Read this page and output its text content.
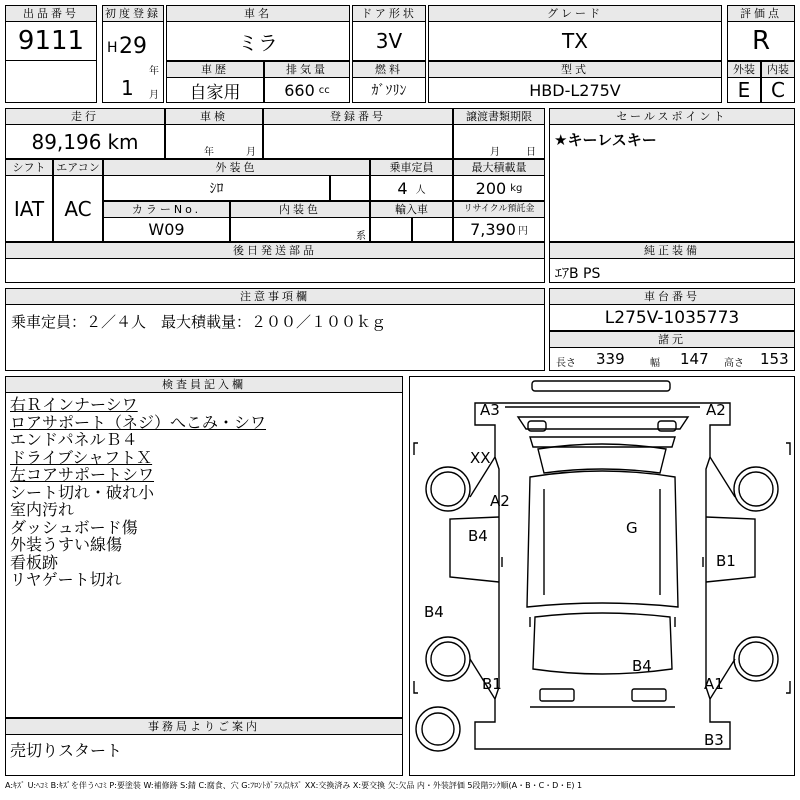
出品番号
9111
初度登録
H 29
年
1 月
車名
ミラ
ドア形状
3V
グレード
TX
評価点
R
車歴
自家用
排気量
660 cc
燃料
ｶﾞｿﾘﾝ
型式
HBD-L275V
外装
E
内装
C
走行
89,196 km
車検
年	月
登録番号	譲渡書類期限
月	日
セールスポイント
★キーレスキー
シフト
IAT
エアコン
AC
外装色
ｼﾛ
乗車定員
4 人
最大積載量
200 kg
カラーNo.
W09
内装色
系
輸入車	リサイクル預託金
7,390 円
後日発送部品	純正装備
ｴｱB PS
注意事項欄
乗車定員：２／４人　最大積載量：２００／１００ｋｇ
車台番号
L275V-1035773
諸元
長さ 339	幅 147 高さ 153
検査員記入欄
右Ｒインナーシワ
ロアサポート（ネジ）へこみ・シワ
エンドパネルＢ４
ドライブシャフトＸ
左コアサポートシワ
シート切れ・破れ小
室内汚れ
ダッシュボード傷
外装うすい線傷
看板跡
リヤゲート切れ
事務局よりご案内
売切りスタート
A3	A2
XX
A2
G
B4
B1
B4
B4
B1	A1
B3
A:ｷｽﾞ U:ﾍｺﾐ B:ｷｽﾞを伴うﾍｺﾐ P:要塗装 W:補修跡 S:錆 C:腐食、穴 G:ﾌﾛﾝﾄｶﾞﾗｽ点ｷｽﾞ XX:交換済み X:要交換 欠:欠品 内・外装評価 5段階ﾗﾝｸ順(A・B・C・D・E) 1
